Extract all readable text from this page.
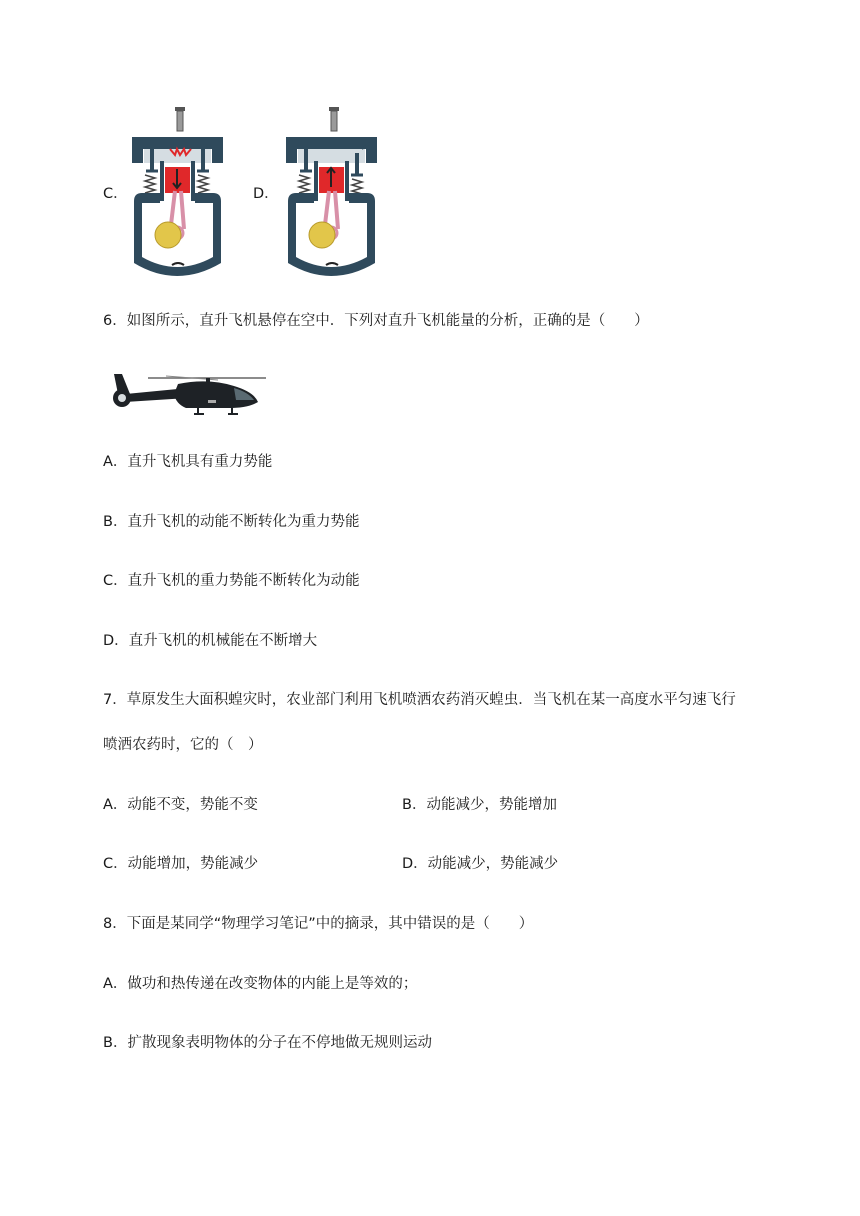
C．	D．
6．如图所示，直升飞机悬停在空中．下列对直升飞机能量的分析，正确的是（　　）
A．直升飞机具有重力势能
B．直升飞机的动能不断转化为重力势能
C．直升飞机的重力势能不断转化为动能
D．直升飞机的机械能在不断增大
7．草原发生大面积蝗灾时，农业部门利用飞机喷洒农药消灭蝗虫．当飞机在某一高度水平匀速飞行
喷洒农药时，它的（　）
A．动能不变，势能不变	B．动能减少，势能增加
C．动能增加，势能减少	D．动能减少，势能减少
8．下面是某同学“物理学习笔记”中的摘录，其中错误的是（　　）
A．做功和热传递在改变物体的内能上是等效的；
B．扩散现象表明物体的分子在不停地做无规则运动
